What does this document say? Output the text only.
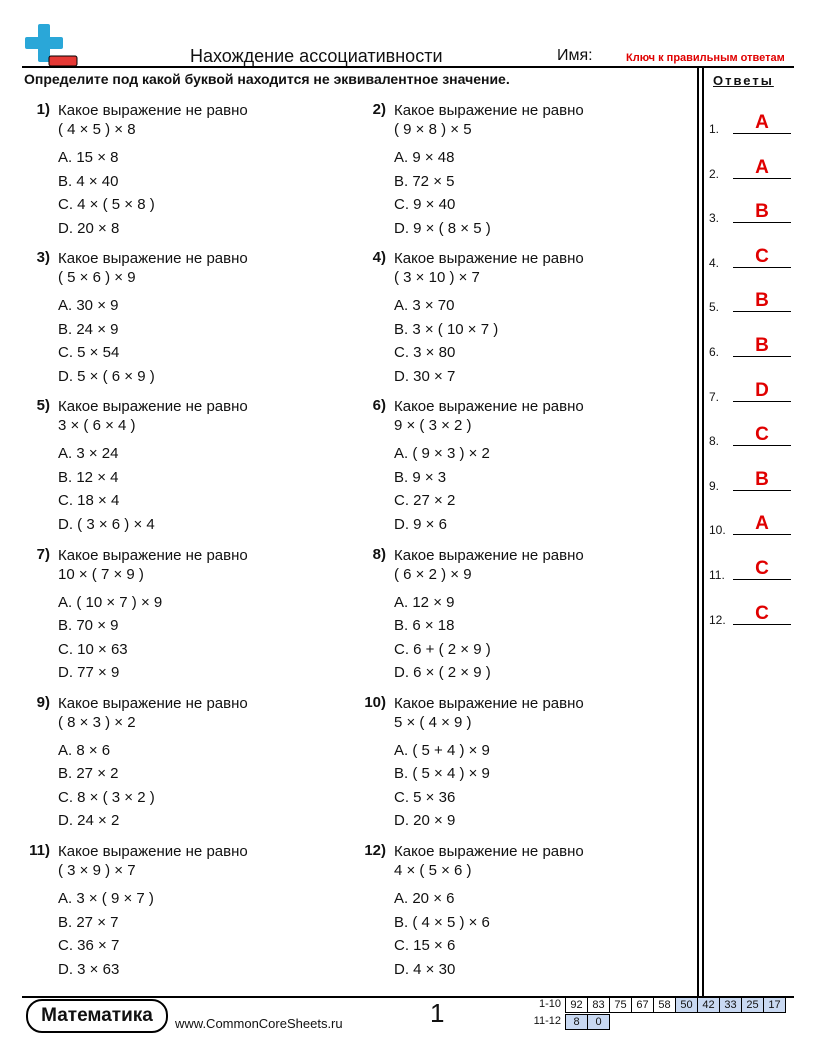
Нахождение ассоциативности	Имя:	Ключ к правильным ответам
Определите под какой буквой находится не эквивалентное значение.	Ответы
1.	A
2.	A
3.	B
4.	C
5.	B
6.	B
7.	D
8.	C
9.	B
10.	A
11.	C
12.	C
1) Какое выражение не равно
( 4 × 5 ) × 8
A. 15 × 8
B. 4 × 40
C. 4 × ( 5 × 8 )
D. 20 × 8
2) Какое выражение не равно
( 9 × 8 ) × 5
A. 9 × 48
B. 72 × 5
C. 9 × 40
D. 9 × ( 8 × 5 )
3) Какое выражение не равно
( 5 × 6 ) × 9
A. 30 × 9
B. 24 × 9
C. 5 × 54
D. 5 × ( 6 × 9 )
4) Какое выражение не равно
( 3 × 10 ) × 7
A. 3 × 70
B. 3 × ( 10 × 7 )
C. 3 × 80
D. 30 × 7
5) Какое выражение не равно
3 × ( 6 × 4 )
A. 3 × 24
B. 12 × 4
C. 18 × 4
D. ( 3 × 6 ) × 4
6) Какое выражение не равно
9 × ( 3 × 2 )
A. ( 9 × 3 ) × 2
B. 9 × 3
C. 27 × 2
D. 9 × 6
7) Какое выражение не равно
10 × ( 7 × 9 )
A. ( 10 × 7 ) × 9
B. 70 × 9
C. 10 × 63
D. 77 × 9
8) Какое выражение не равно
( 6 × 2 ) × 9
A. 12 × 9
B. 6 × 18
C. 6 + ( 2 × 9 )
D. 6 × ( 2 × 9 )
9) Какое выражение не равно
( 8 × 3 ) × 2
A. 8 × 6
B. 27 × 2
C. 8 × ( 3 × 2 )
D. 24 × 2
10) Какое выражение не равно
5 × ( 4 × 9 )
A. ( 5 + 4 ) × 9
B. ( 5 × 4 ) × 9
C. 5 × 36
D. 20 × 9
11) Какое выражение не равно
( 3 × 9 ) × 7
A. 3 × ( 9 × 7 )
B. 27 × 7
C. 36 × 7
D. 3 × 63
12) Какое выражение не равно
4 × ( 5 × 6 )
A. 20 × 6
B. ( 4 × 5 ) × 6
C. 15 × 6
D. 4 × 30
Математика	www.CommonCoreSheets.ru	1	1-10 92	83	75	67	58	50	42	33	25	17
11-12 8	0
